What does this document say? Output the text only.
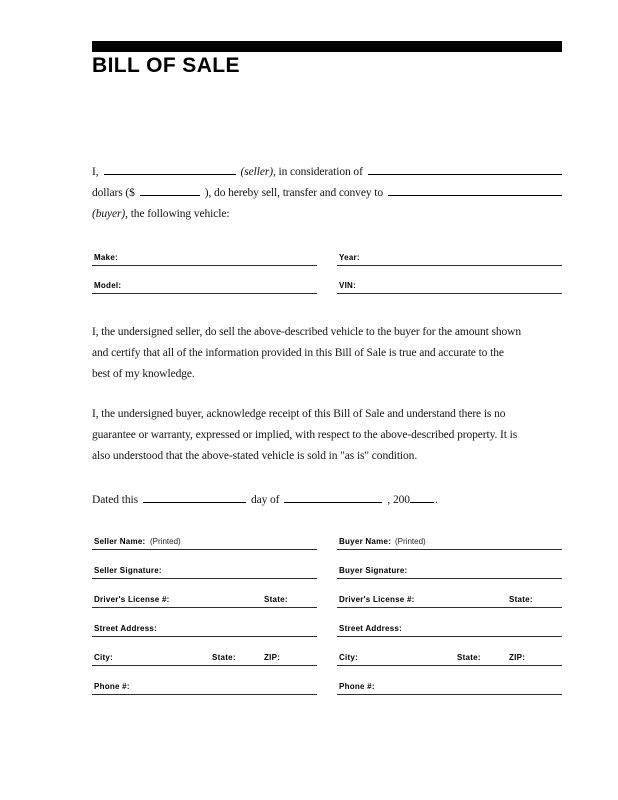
BILL OF SALE
I,	(seller) , in consideration of
dollars ($	), do hereby sell, transfer and convey to
(buyer) , the following vehicle:
Make:
Model:
Year:
VIN:
I, the undersigned seller, do sell the above-described vehicle to the buyer for the amount shown
and certify that all of the information provided in this Bill of Sale is true and accurate to the
best of my knowledge.
I, the undersigned buyer, acknowledge receipt of this Bill of Sale and understand there is no
guarantee or warranty, expressed or implied, with respect to the above-described property. It is
also understood that the above-stated vehicle is sold in "as is" condition.
Dated this	day of	, 200 .
Seller Name: (Printed)
Seller Signature:
Driver's License #:	State:
Street Address:
City:	State:	ZIP:
Phone #:
Buyer Name: (Printed)
Buyer Signature:
Driver's License #:	State:
Street Address:
City:	State:	ZIP:
Phone #:
